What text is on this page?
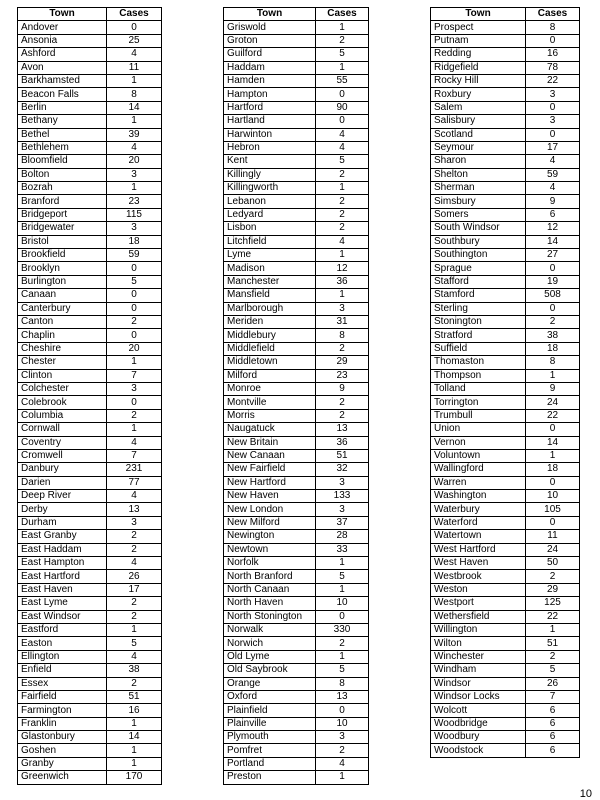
Town	Cases
Andover	0
Ansonia	25
Ashford	4
Avon	11
Barkhamsted	1
Beacon Falls	8
Berlin	14
Bethany	1
Bethel	39
Bethlehem	4
Bloomfield	20
Bolton	3
Bozrah	1
Branford	23
Bridgeport	115
Bridgewater	3
Bristol	18
Brookfield	59
Brooklyn	0
Burlington	5
Canaan	0
Canterbury	0
Canton	2
Chaplin	0
Cheshire	20
Chester	1
Clinton	7
Colchester	3
Colebrook	0
Columbia	2
Cornwall	1
Coventry	4
Cromwell	7
Danbury	231
Darien	77
Deep River	4
Derby	13
Durham	3
East Granby	2
East Haddam	2
East Hampton	4
East Hartford	26
East Haven	17
East Lyme	2
East Windsor	2
Eastford	1
Easton	5
Ellington	4
Enfield	38
Essex	2
Fairfield	51
Farmington	16
Franklin	1
Glastonbury	14
Goshen	1
Granby	1
Greenwich	170
Town	Cases
Griswold	1
Groton	2
Guilford	5
Haddam	1
Hamden	55
Hampton	0
Hartford	90
Hartland	0
Harwinton	4
Hebron	4
Kent	5
Killingly	2
Killingworth	1
Lebanon	2
Ledyard	2
Lisbon	2
Litchfield	4
Lyme	1
Madison	12
Manchester	36
Mansfield	1
Marlborough	3
Meriden	31
Middlebury	8
Middlefield	2
Middletown	29
Milford	23
Monroe	9
Montville	2
Morris	2
Naugatuck	13
New Britain	36
New Canaan	51
New Fairfield	32
New Hartford	3
New Haven	133
New London	3
New Milford	37
Newington	28
Newtown	33
Norfolk	1
North Branford	5
North Canaan	1
North Haven	10
North Stonington	0
Norwalk	330
Norwich	2
Old Lyme	1
Old Saybrook	5
Orange	8
Oxford	13
Plainfield	0
Plainville	10
Plymouth	3
Pomfret	2
Portland	4
Preston	1
Town	Cases
Prospect	8
Putnam	0
Redding	16
Ridgefield	78
Rocky Hill	22
Roxbury	3
Salem	0
Salisbury	3
Scotland	0
Seymour	17
Sharon	4
Shelton	59
Sherman	4
Simsbury	9
Somers	6
South Windsor	12
Southbury	14
Southington	27
Sprague	0
Stafford	19
Stamford	508
Sterling	0
Stonington	2
Stratford	38
Suffield	18
Thomaston	8
Thompson	1
Tolland	9
Torrington	24
Trumbull	22
Union	0
Vernon	14
Voluntown	1
Wallingford	18
Warren	0
Washington	10
Waterbury	105
Waterford	0
Watertown	11
West Hartford	24
West Haven	50
Westbrook	2
Weston	29
Westport	125
Wethersfield	22
Willington	1
Wilton	51
Winchester	2
Windham	5
Windsor	26
Windsor Locks	7
Wolcott	6
Woodbridge	6
Woodbury	6
Woodstock	6
10
